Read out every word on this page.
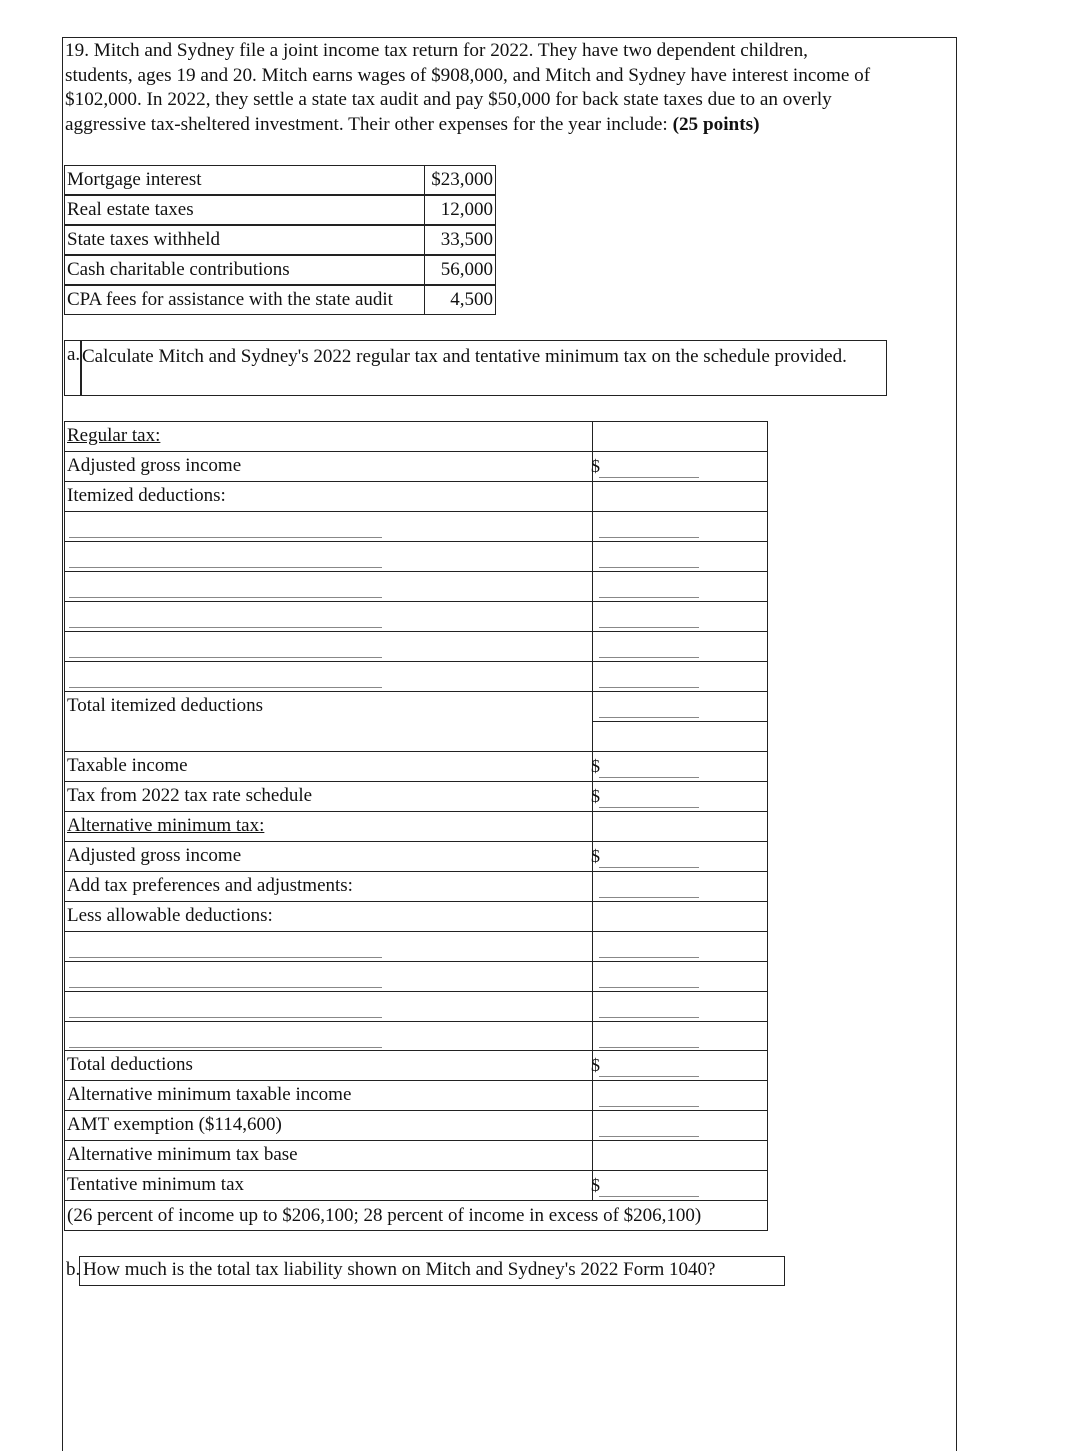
19. Mitch and Sydney file a joint income tax return for 2022. They have two dependent children,
students, ages 19 and 20. Mitch earns wages of $908,000, and Mitch and Sydney have interest income of
$102,000. In 2022, they settle a state tax audit and pay $50,000 for back state taxes due to an overly
aggressive tax-sheltered investment. Their other expenses for the year include: (25 points)
Mortgage interest	$23,000
Real estate taxes	12,000
State taxes withheld	33,500
Cash charitable contributions	56,000
CPA fees for assistance with the state audit	4,500
a. Calculate Mitch and Sydney's 2022 regular tax and tentative minimum tax on the schedule provided.
Regular tax:
Adjusted gross income	$
Itemized deductions:
Total itemized deductions
Taxable income	$
Tax from 2022 tax rate schedule	$
Alternative minimum tax:
Adjusted gross income	$
Add tax preferences and adjustments:
Less allowable deductions:
Total deductions	$
Alternative minimum taxable income
AMT exemption ($114,600)
Alternative minimum tax base
Tentative minimum tax	$
(26 percent of income up to $206,100; 28 percent of income in excess of $206,100)
b. How much is the total tax liability shown on Mitch and Sydney's 2022 Form 1040?
